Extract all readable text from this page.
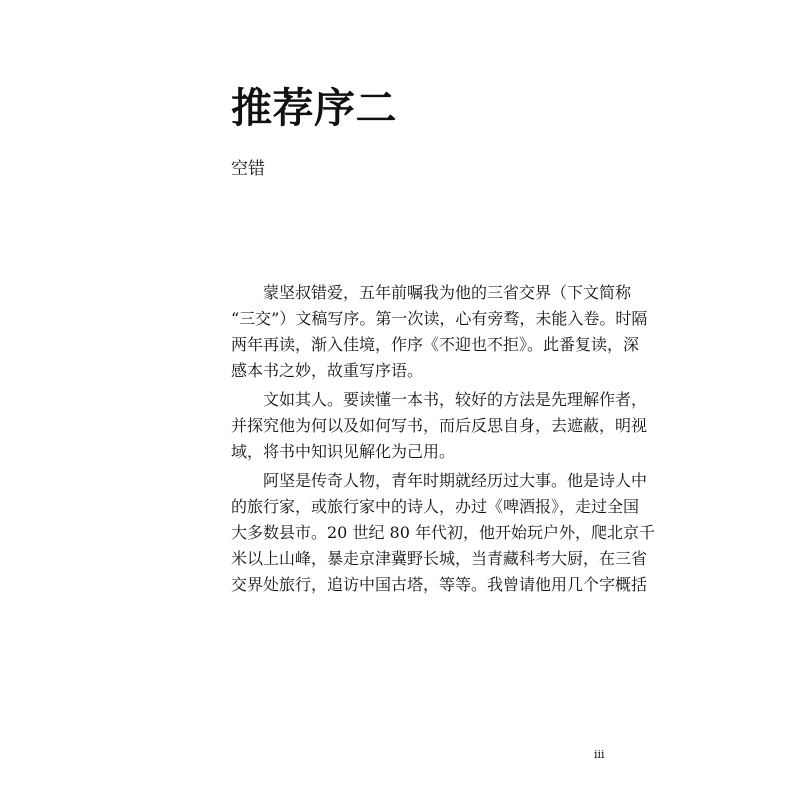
推荐序二
空错
蒙坚叔错爱，五年前嘱我为他的三省交界（下文简称
“三交”）文稿写序。第一次读，心有旁骛，未能入卷。时隔
两年再读，渐入佳境，作序《不迎也不拒》。此番复读，深
感本书之妙，故重写序语。
文如其人。要读懂一本书，较好的方法是先理解作者，
并探究他为何以及如何写书，而后反思自身，去遮蔽，明视
域，将书中知识见解化为己用。
阿坚是传奇人物，青年时期就经历过大事。他是诗人中
的旅行家，或旅行家中的诗人，办过《啤酒报》，走过全国
大多数县市。20 世纪 80 年代初，他开始玩户外，爬北京千
米以上山峰，暴走京津冀野长城，当青藏科考大厨，在三省
交界处旅行，追访中国古塔，等等。我曾请他用几个字概括
iii
